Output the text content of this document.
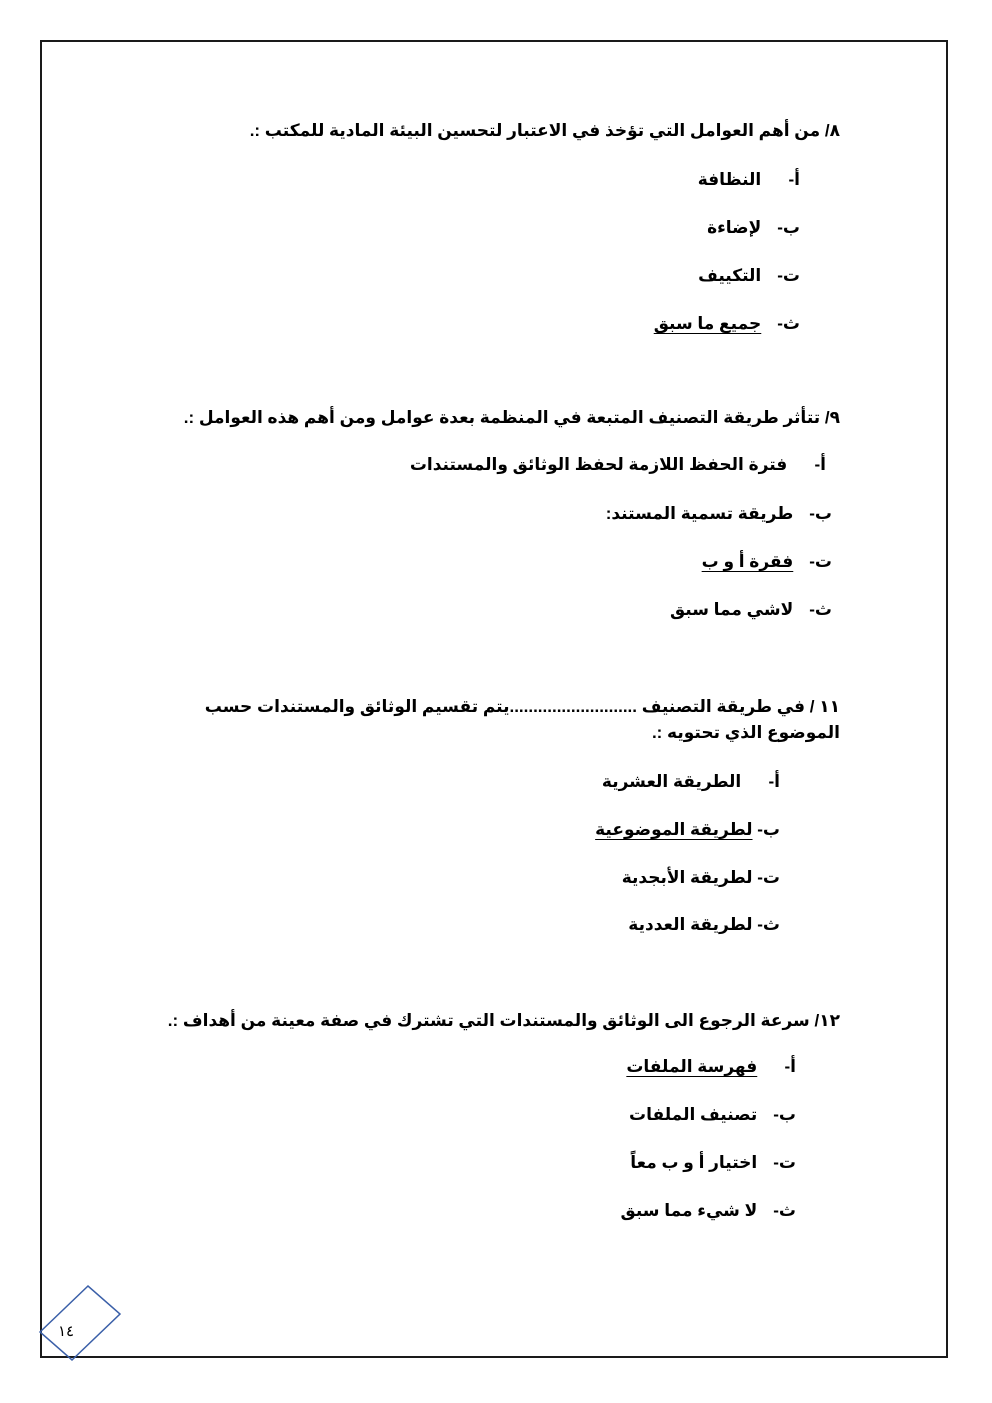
٨/ من أهم العوامل التي تؤخذ في الاعتبار لتحسين البيئة المادية للمكتب :.
أ- النظافة
ب- لإضاءة
ت- التكييف
ث- جميع ما سبق
٩/ تتأثر طريقة التصنيف المتبعة في المنظمة بعدة عوامل ومن أهم هذه العوامل :.
أ- فترة الحفظ اللازمة لحفظ الوثائق والمستندات
ب- طريقة تسمية المستند:
ت- فقرة أ و ب
ث- لاشي مما سبق
١١ / في طريقة التصنيف ...........................يتم تقسيم الوثائق والمستندات حسب الموضوع الذي تحتويه :.
أ- الطريقة العشرية
ب- لطريقة الموضوعية
ت- لطريقة الأبجدية
ث- لطريقة العددية
١٢/ سرعة الرجوع الى الوثائق والمستندات التي تشترك في صفة معينة من أهداف :.
أ- فهرسة الملفات
ب- تصنيف الملفات
ت- اختيار أ و ب معاً
ث- لا شيء مما سبق
١٤
